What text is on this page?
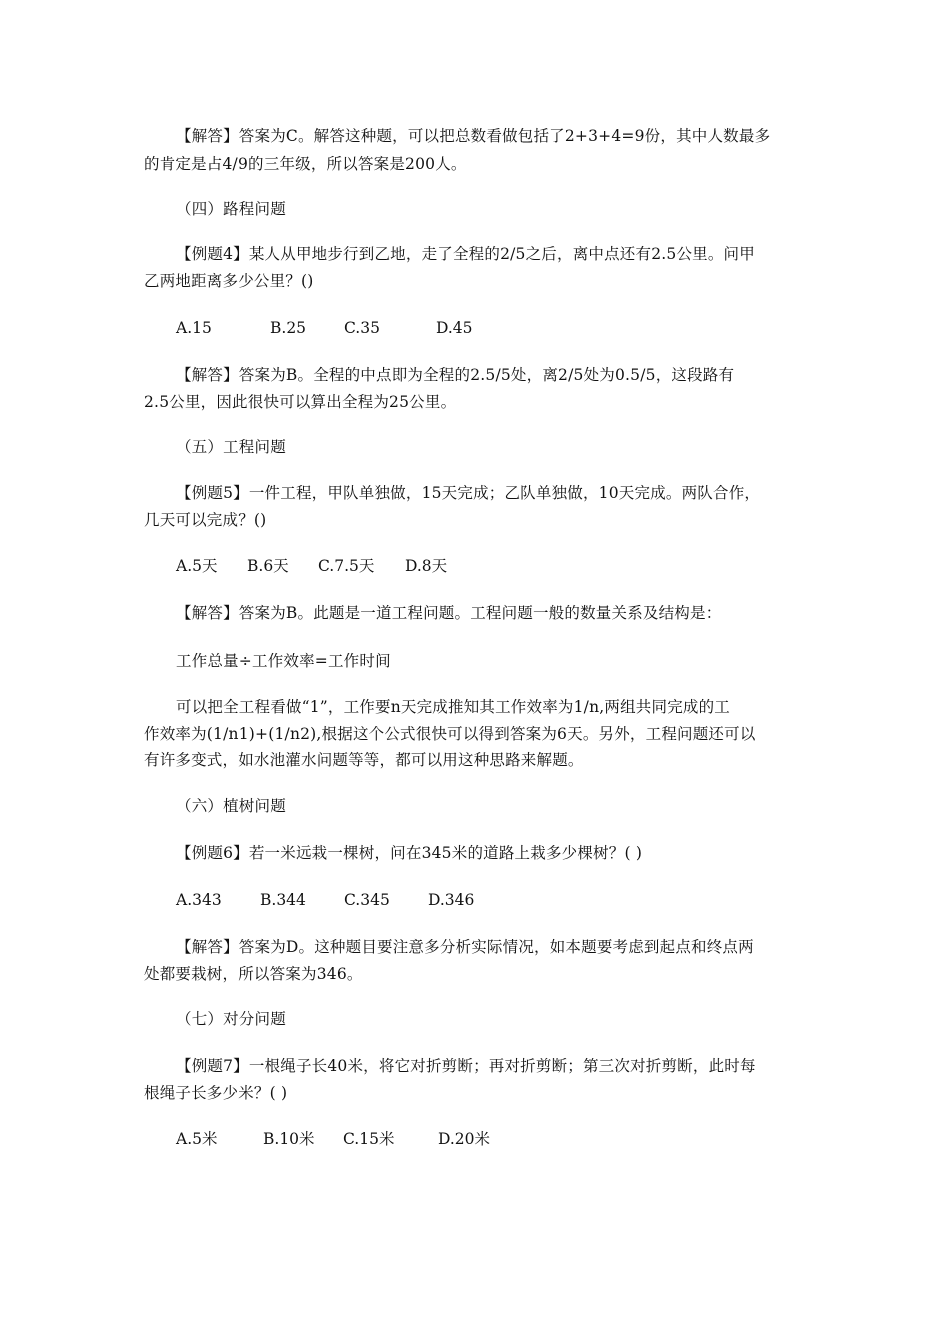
【解答】答案为C。解答这种题，可以把总数看做包括了2+3+4=9份，其中人数最多
的肯定是占4/9的三年级，所以答案是200人。
（四）路程问题
【例题4】某人从甲地步行到乙地，走了全程的2/5之后，离中点还有2.5公里。问甲
乙两地距离多少公里？()
A.15	B.25 C.35	D.45
【解答】答案为B。全程的中点即为全程的2.5/5处，离2/5处为0.5/5，这段路有
2.5公里，因此很快可以算出全程为25公里。
（五）工程问题
【例题5】一件工程，甲队单独做，15天完成；乙队单独做，10天完成。两队合作，
几天可以完成？()
A.5天 B.6天 C.7.5天 D.8天
【解答】答案为B。此题是一道工程问题。工程问题一般的数量关系及结构是：
工作总量÷工作效率=工作时间
可以把全工程看做“1”，工作要n天完成推知其工作效率为1/n,两组共同完成的工
作效率为(1/n1)+(1/n2),根据这个公式很快可以得到答案为6天。另外，工程问题还可以
有许多变式，如水池灌水问题等等，都可以用这种思路来解题。
（六）植树问题
【例题6】若一米远栽一棵树，问在345米的道路上栽多少棵树？( )
A.343 B.344 C.345 D.346
【解答】答案为D。这种题目要注意多分析实际情况，如本题要考虑到起点和终点两
处都要栽树，所以答案为346。
（七）对分问题
【例题7】一根绳子长40米，将它对折剪断；再对折剪断；第三次对折剪断，此时每
根绳子长多少米？( )
A.5米	B.10米 C.15米	D.20米
